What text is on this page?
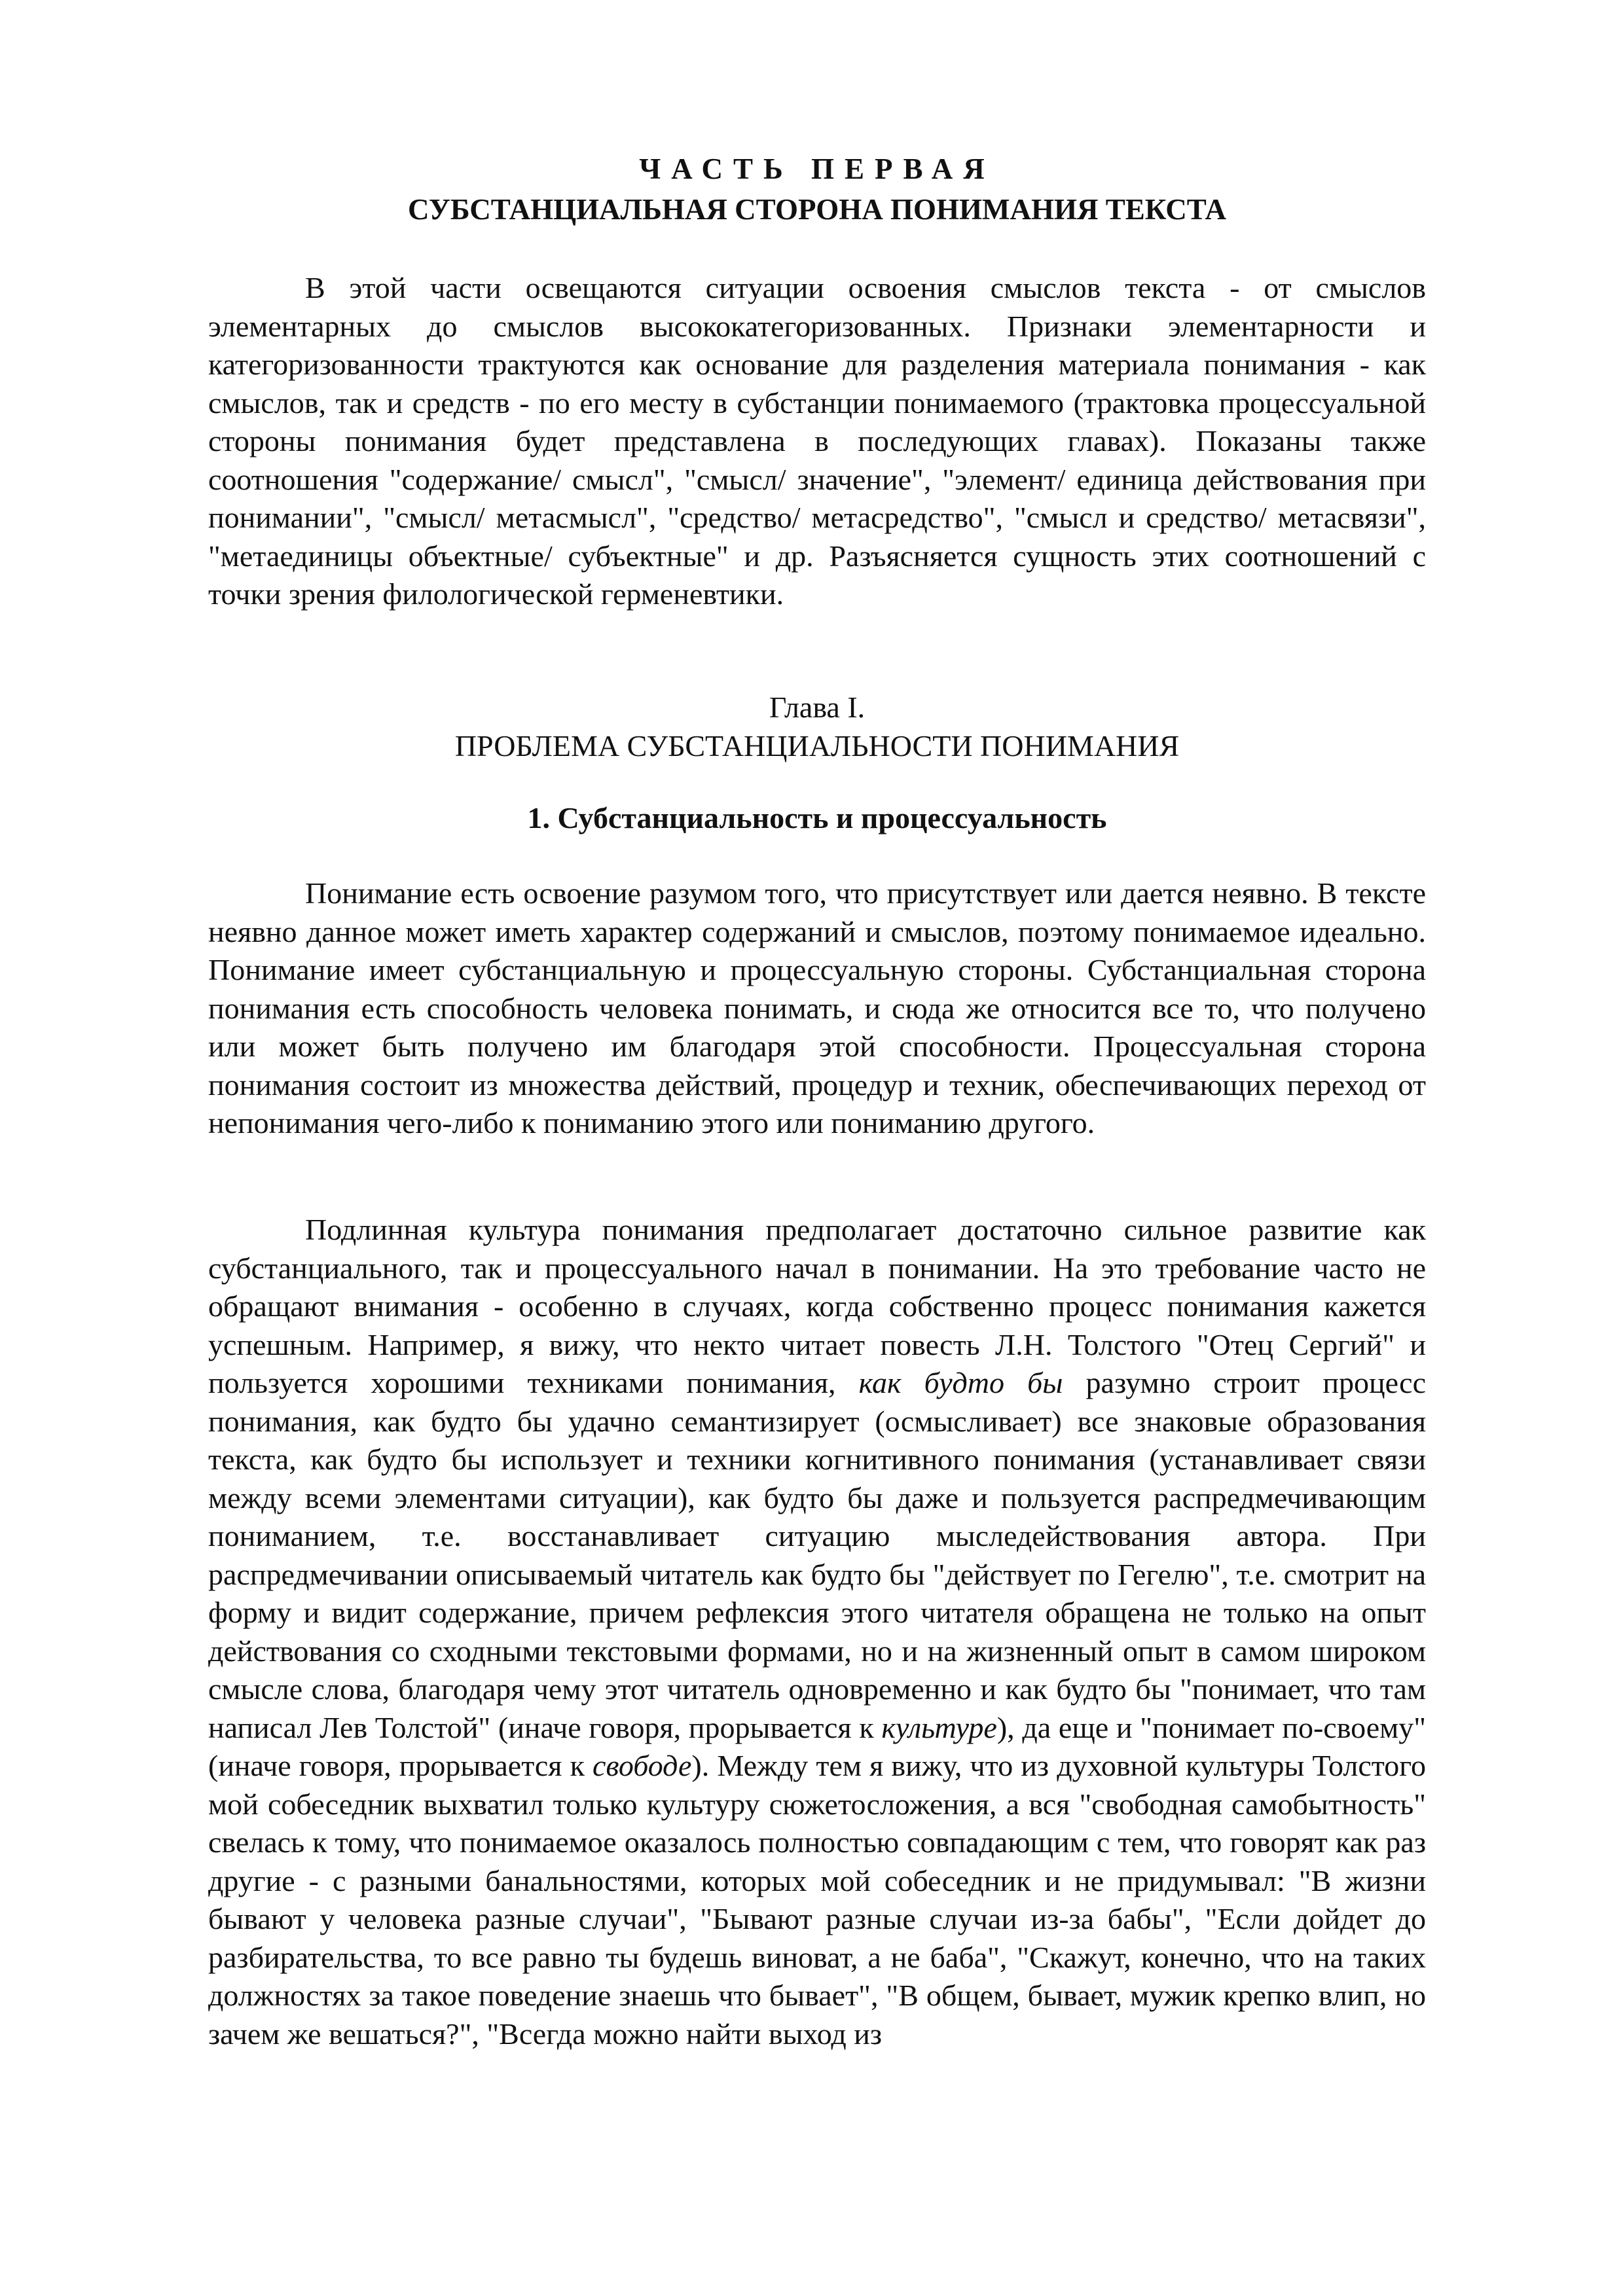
ЧАСТЬ ПЕРВАЯ

СУБСТАНЦИАЛЬНАЯ СТОРОНА ПОНИМАНИЯ ТЕКСТА

В этой части освещаются ситуации освоения смыслов текста - от смыслов элементарных до смыслов высококатегоризованных. Признаки элементарности и категоризованности трактуются как основание для разделения материала понимания - как смыслов, так и средств - по его месту в субстанции понимаемого (трактовка процессуальной стороны понимания будет представлена в последующих главах). Показаны также соотношения "содержание/ смысл", "смысл/ значение", "элемент/ единица действования при понимании", "смысл/ метасмысл", "средство/ метасредство", "смысл и средство/ метасвязи", "метаединицы объектные/ субъектные" и др. Разъясняется сущность этих соотношений с точки зрения филологической герменевтики.

Глава I.

ПРОБЛЕМА СУБСТАНЦИАЛЬНОСТИ ПОНИМАНИЯ

1. Субстанциальность и процессуальность

Понимание есть освоение разумом того, что присутствует или дается неявно. В тексте неявно данное может иметь характер содержаний и смыслов, поэтому понимаемое идеально. Понимание имеет субстанциальную и процессуальную стороны. Субстанциальная сторона понимания есть способность человека понимать, и сюда же относится все то, что получено или может быть получено им благодаря этой способности. Процессуальная сторона понимания состоит из множества действий, процедур и техник, обеспечивающих переход от непонимания чего-либо к пониманию этого или пониманию другого.

Подлинная культура понимания предполагает достаточно сильное развитие как субстанциального, так и процессуального начал в понимании. На это требование часто не обращают внимания - особенно в случаях, когда собственно процесс понимания кажется успешным. Например, я вижу, что некто читает повесть Л.Н. Толстого "Отец Сергий" и пользуется хорошими техниками понимания, как будто бы разумно строит процесс понимания, как будто бы удачно семантизирует (осмысливает) все знаковые образования текста, как будто бы использует и техники когнитивного понимания (устанавливает связи между всеми элементами ситуации), как будто бы даже и пользуется распредмечивающим пониманием, т.е. восстанавливает ситуацию мыследействования автора. При распредмечивании описываемый читатель как будто бы "действует по Гегелю", т.е. смотрит на форму и видит содержание, причем рефлексия этого читателя обращена не только на опыт действования со сходными текстовыми формами, но и на жизненный опыт в самом широком смысле слова, благодаря чему этот читатель одновременно и как будто бы "понимает, что там написал Лев Толстой" (иначе говоря, прорывается к культуре), да еще и "понимает по-своему" (иначе говоря, прорывается к свободе). Между тем я вижу, что из духовной культуры Толстого мой собеседник выхватил только культуру сюжетосложения, а вся "свободная самобытность" свелась к тому, что понимаемое оказалось полностью совпадающим с тем, что говорят как раз другие - с разными банальностями, которых мой собеседник и не придумывал: "В жизни бывают у человека разные случаи", "Бывают разные случаи из-за бабы", "Если дойдет до разбирательства, то все равно ты будешь виноват, а не баба", "Скажут, конечно, что на таких должностях за такое поведение знаешь что бывает", "В общем, бывает, мужик крепко влип, но зачем же вешаться?", "Всегда можно найти выход из
